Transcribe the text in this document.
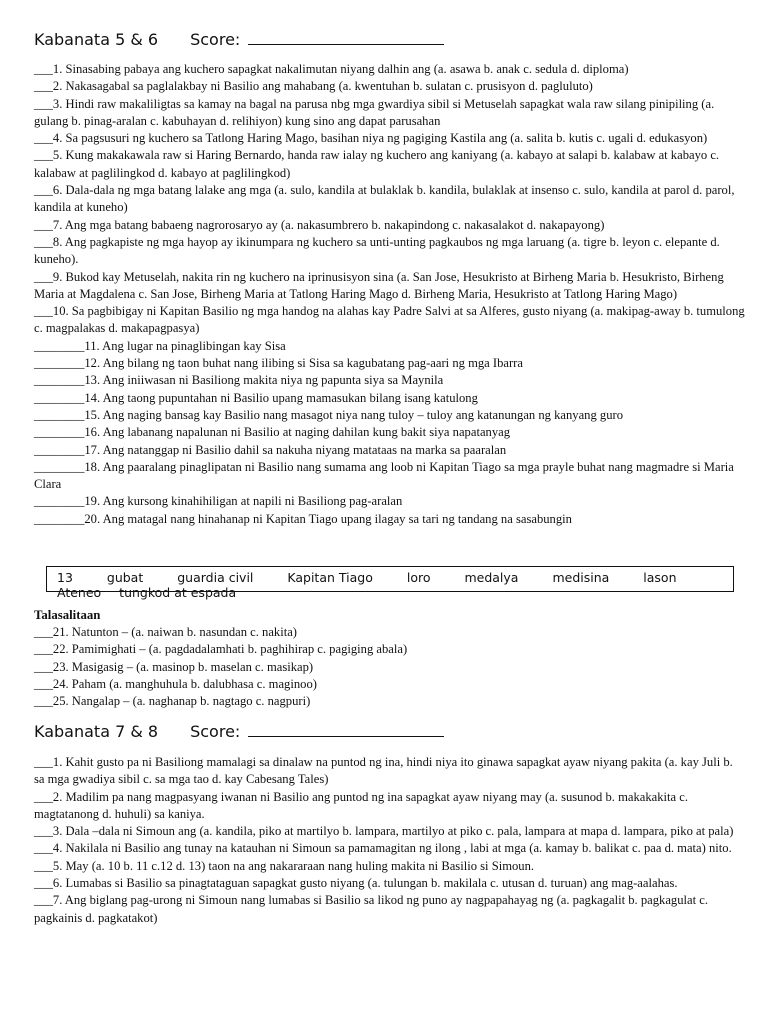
Kabanata 5 & 6 Score:

___1. Sinasabing pabaya ang kuchero sapagkat nakalimutan niyang dalhin ang (a. asawa b. anak c. sedula d. diploma)

___2. Nakasagabal sa paglalakbay ni Basilio ang mahabang (a. kwentuhan b. sulatan c. prusisyon d. pagluluto)

___3. Hindi raw makaliligtas sa kamay na bagal na parusa nbg mga gwardiya sibil si Metuselah sapagkat wala raw silang pinipiling (a. gulang b. pinag-aralan c. kabuhayan d. relihiyon) kung sino ang dapat parusahan

___4. Sa pagsusuri ng kuchero sa Tatlong Haring Mago, basihan niya ng pagiging Kastila ang (a. salita b. kutis c. ugali d. edukasyon)

___5. Kung makakawala raw si Haring Bernardo, handa raw ialay ng kuchero ang kaniyang (a. kabayo at salapi b. kalabaw at kabayo c. kalabaw at paglilingkod d. kabayo at paglilingkod)

___6. Dala-dala ng mga batang lalake ang mga (a. sulo, kandila at bulaklak b. kandila, bulaklak at insenso c. sulo, kandila at parol d. parol, kandila at kuneho)

___7. Ang mga batang babaeng nagrorosaryo ay (a. nakasumbrero b. nakapindong c. nakasalakot d. nakapayong)

___8. Ang pagkapiste ng mga hayop ay ikinumpara ng kuchero sa unti-unting pagkaubos ng mga laruang (a. tigre b. leyon c. elepante d. kuneho).

___9. Bukod kay Metuselah, nakita rin ng kuchero na iprinusisyon sina (a. San Jose, Hesukristo at Birheng Maria b. Hesukristo, Birheng Maria at Magdalena c. San Jose, Birheng Maria at Tatlong Haring Mago d. Birheng Maria, Hesukristo at Tatlong Haring Mago)

___10. Sa pagbibigay ni Kapitan Basilio ng mga handog na alahas kay Padre Salvi at sa Alferes, gusto niyang (a. makipag-away b. tumulong c. magpalakas d. makapagpasya)

________11. Ang lugar na pinaglibingan kay Sisa

________12. Ang bilang ng taon buhat nang ilibing si Sisa sa kagubatang pag-aari ng mga Ibarra

________13. Ang iniiwasan ni Basiliong makita niya ng papunta siya sa Maynila

________14. Ang taong pupuntahan ni Basilio upang mamasukan bilang isang katulong

________15. Ang naging bansag kay Basilio nang masagot niya nang tuloy – tuloy ang katanungan ng kanyang guro

________16. Ang labanang napalunan ni Basilio at naging dahilan kung bakit siya napatanyag

________17. Ang natanggap ni Basilio dahil sa nakuha niyang matataas na marka sa paaralan

________18. Ang paaralang pinaglipatan ni Basilio nang sumama ang loob ni Kapitan Tiago sa mga prayle buhat nang magmadre si Maria Clara

________19. Ang kursong kinahihiligan at napili ni Basiliong pag-aralan

________20. Ang matagal nang hinahanap ni Kapitan Tiago upang ilagay sa tari ng tandang na sasabungin

13	gubat	guardia civil	Kapitan Tiago	loro	medalya	medisina	lason
Ateneo tungkod at espada
Talasalitaan

___21. Natunton – (a. naiwan b. nasundan c. nakita)

___22. Pamimighati – (a. pagdadalamhati b. paghihirap c. pagiging abala)

___23. Masigasig – (a. masinop b. maselan c. masikap)

___24. Paham (a. manghuhula b. dalubhasa c. maginoo)

___25. Nangalap – (a. naghanap b. nagtago c. nagpuri)

Kabanata 7 & 8 Score:

___1. Kahit gusto pa ni Basiliong mamalagi sa dinalaw na puntod ng ina, hindi niya ito ginawa sapagkat ayaw niyang pakita (a. kay Juli b. sa mga gwadiya sibil c. sa mga tao d. kay Cabesang Tales)

___2. Madilim pa nang magpasyang iwanan ni Basilio ang puntod ng ina sapagkat ayaw niyang may (a. susunod b. makakakita c. magtatanong d. huhuli) sa kaniya.

___3. Dala –dala ni Simoun ang (a. kandila, piko at martilyo b. lampara, martilyo at piko c. pala, lampara at mapa d. lampara, piko at pala)

___4. Nakilala ni Basilio ang tunay na katauhan ni Simoun sa pamamagitan ng ilong , labi at mga (a. kamay b. balikat c. paa d. mata) nito.

___5. May (a. 10 b. 11 c.12 d. 13) taon na ang nakararaan nang huling makita ni Basilio si Simoun.

___6. Lumabas si Basilio sa pinagtataguan sapagkat gusto niyang (a. tulungan b. makilala c. utusan d. turuan) ang mag-aalahas.

___7. Ang biglang pag-urong ni Simoun nang lumabas si Basilio sa likod ng puno ay nagpapahayag ng (a. pagkagalit b. pagkagulat c. pagkainis d. pagkatakot)
